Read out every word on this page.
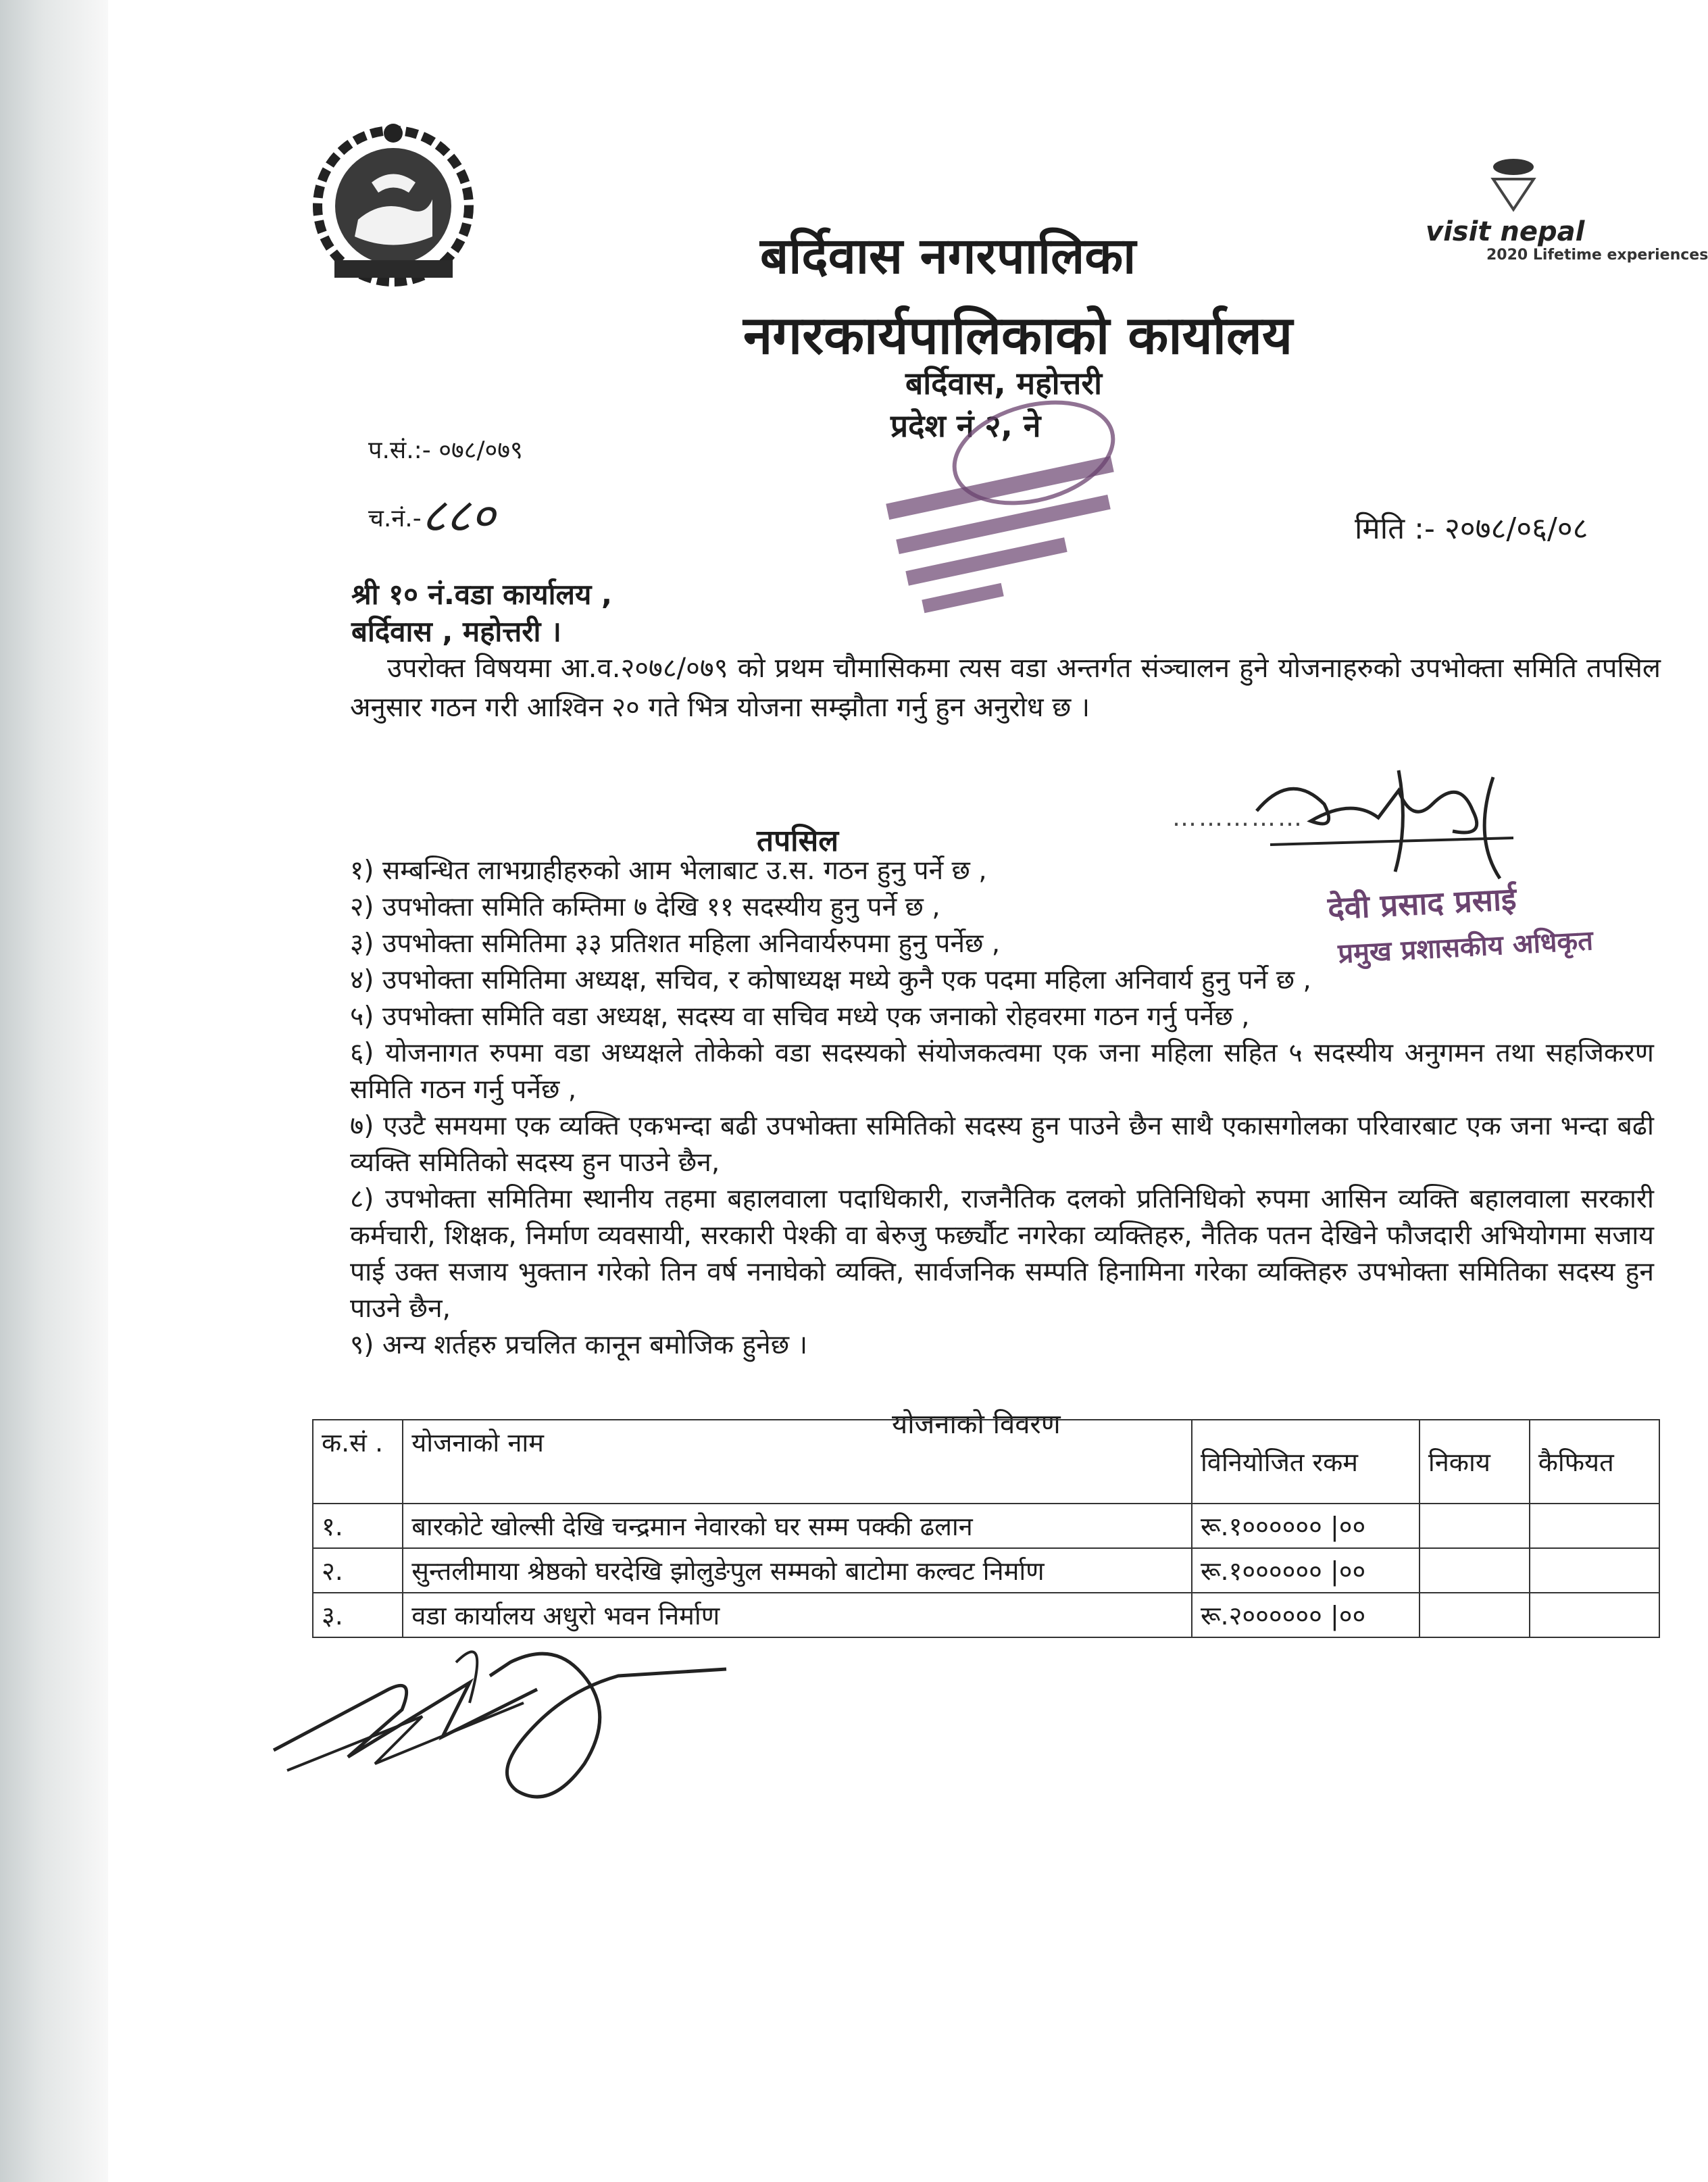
visit nepal
2020 Lifetime experiences
बर्दिवास नगरपालिका
नगरकार्यपालिकाको कार्यालय
बर्दिवास, महोत्तरी
प्रदेश नं २, ने
प.सं.:- ०७८/०७९
च.नं.-८८०	मिति :- २०७८/०६/०८
श्री १० नं.वडा कार्यालय ,
बर्दिवास , महोत्तरी ।
उपरोक्त विषयमा आ.व.२०७८/०७९ को प्रथम चौमासिकमा त्यस वडा अन्तर्गत संञ्चालन हुने योजनाहरुको उपभोक्ता समिति तपसिल अनुसार गठन गरी आश्विन २० गते भित्र योजना सम्झौता गर्नु हुन अनुरोध छ ।
तपसिल
……………
देवी प्रसाद प्रसाई
प्रमुख प्रशासकीय अधिकृत

१) सम्बन्धित लाभग्राहीहरुको आम भेलाबाट उ.स. गठन हुनु पर्ने छ ,

२) उपभोक्ता समिति कम्तिमा ७ देखि ११ सदस्यीय हुनु पर्ने छ ,

३) उपभोक्ता समितिमा ३३ प्रतिशत महिला अनिवार्यरुपमा हुनु पर्नेछ ,

४) उपभोक्ता समितिमा अध्यक्ष, सचिव, र कोषाध्यक्ष मध्ये कुनै एक पदमा महिला अनिवार्य हुनु पर्ने छ ,

५) उपभोक्ता समिति वडा अध्यक्ष, सदस्य वा सचिव मध्ये एक जनाको रोहवरमा गठन गर्नु पर्नेछ ,

६) योजनागत रुपमा वडा अध्यक्षले तोकेको वडा सदस्यको संयोजकत्वमा एक जना महिला सहित ५ सदस्यीय अनुगमन तथा सहजिकरण समिति गठन गर्नु पर्नेछ ,

७) एउटै समयमा एक व्यक्ति एकभन्दा बढी उपभोक्ता समितिको सदस्य हुन पाउने छैन साथै एकासगोलका परिवारबाट एक जना भन्दा बढी व्यक्ति समितिको सदस्य हुन पाउने छैन,

८) उपभोक्ता समितिमा स्थानीय तहमा बहालवाला पदाधिकारी, राजनैतिक दलको प्रतिनिधिको रुपमा आसिन व्यक्ति बहालवाला सरकारी कर्मचारी, शिक्षक, निर्माण व्यवसायी, सरकारी पेश्की वा बेरुजु फर्छ्यौट नगरेका व्यक्तिहरु, नैतिक पतन देखिने फौजदारी अभियोगमा सजाय पाई उक्त सजाय भुक्तान गरेको तिन वर्ष ननाघेको व्यक्ति, सार्वजनिक सम्पति हिनामिना गरेका व्यक्तिहरु उपभोक्ता समितिका सदस्य हुन पाउने छैन,

९) अन्य शर्तहरु प्रचलित कानून बमोजिक हुनेछ ।

योजनाको विवरण
क.सं .	योजनाको नाम	विनियोजित रकम	निकाय	कैफियत
१.	बारकोटे खोल्सी देखि चन्द्रमान नेवारको घर सम्म पक्की ढलान	रू.१०००००० |००		
२.	सुन्तलीमाया श्रेष्ठको घरदेखि झोलुङेपुल सम्मको बाटोमा कल्वट निर्माण	रू.१०००००० |००		
३.	वडा कार्यालय अधुरो भवन निर्माण	रू.२०००००० |००		
